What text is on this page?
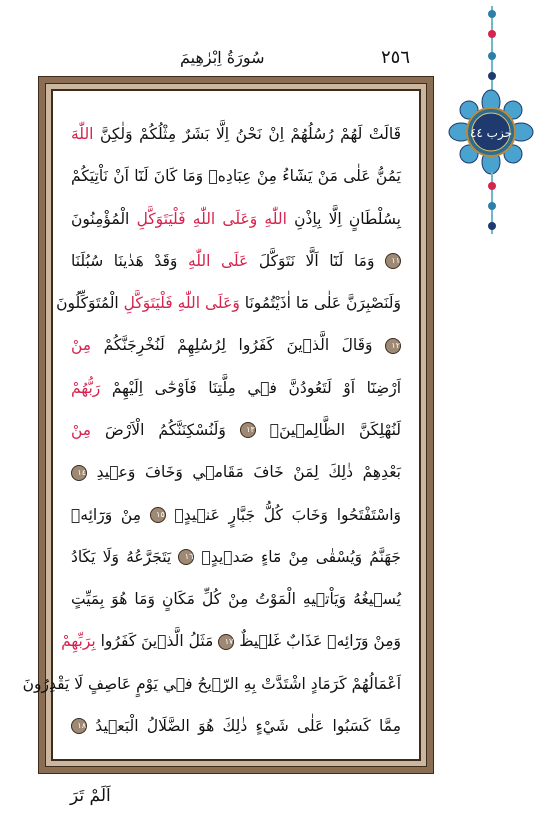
٢٥٦
سُورَةُ اِبْرٰهِيمَ
حزب ٤٤
قَالَتْ لَهُمْ رُسُلُهُمْ اِنْ نَحْنُ اِلَّا بَشَرٌ مِثْلُكُمْ وَلٰكِنَّ اللّٰهَ
يَمُنُّ عَلٰى مَنْ يَشَٓاءُ مِنْ عِبَادِه۪ وَمَا كَانَ لَنَٓا اَنْ نَاْتِيَكُمْ
بِسُلْطَانٍ اِلَّا بِاِذْنِ اللّٰهِ وَعَلَى اللّٰهِ فَلْيَتَوَكَّلِ الْمُؤْمِنُونَ
١١ وَمَا لَنَٓا اَلَّا نَتَوَكَّلَ عَلَى اللّٰهِ وَقَدْ هَدٰينَا سُبُلَنَا
وَلَنَصْبِرَنَّ عَلٰى مَٓا اٰذَيْتُمُونَا وَعَلَى اللّٰهِ فَلْيَتَوَكَّلِ الْمُتَوَكِّلُونَ
١٢ وَقَالَ الَّذ۪ينَ كَفَرُوا لِرُسُلِهِمْ لَنُخْرِجَنَّكُمْ مِنْ
اَرْضِنَٓا اَوْ لَتَعُودُنَّ ف۪ي مِلَّتِنَا فَاَوْحٰٓى اِلَيْهِمْ رَبُّهُمْ
لَنُهْلِكَنَّ الظَّالِم۪ينَۙ ١٣ وَلَنُسْكِنَنَّكُمُ الْاَرْضَ مِنْ
بَعْدِهِمْ ذٰلِكَ لِمَنْ خَافَ مَقَام۪ي وَخَافَ وَع۪يدِ ١٤
وَاسْتَفْتَحُوا وَخَابَ كُلُّ جَبَّارٍ عَن۪يدٍۙ ١٥ مِنْ وَرَٓائِه۪
جَهَنَّمُ وَيُسْقٰى مِنْ مَٓاءٍ صَد۪يدٍۙ ١٦ يَتَجَرَّعُهُ وَلَا يَكَادُ
يُس۪يغُهُ وَيَاْت۪يهِ الْمَوْتُ مِنْ كُلِّ مَكَانٍ وَمَا هُوَ بِمَيِّتٍ
وَمِنْ وَرَٓائِه۪ عَذَابٌ غَل۪يظٌ ١٧ مَثَلُ الَّذ۪ينَ كَفَرُوا بِرَبِّهِمْ
اَعْمَالُهُمْ كَرَمَادٍ اشْتَدَّتْ بِهِ الرّ۪يحُ ف۪ي يَوْمٍ عَاصِفٍ لَا يَقْدِرُونَ
مِمَّا كَسَبُوا عَلٰى شَيْءٍ ذٰلِكَ هُوَ الضَّلَالُ الْبَع۪يدُ ١٨
اَلَمْ تَرَ
